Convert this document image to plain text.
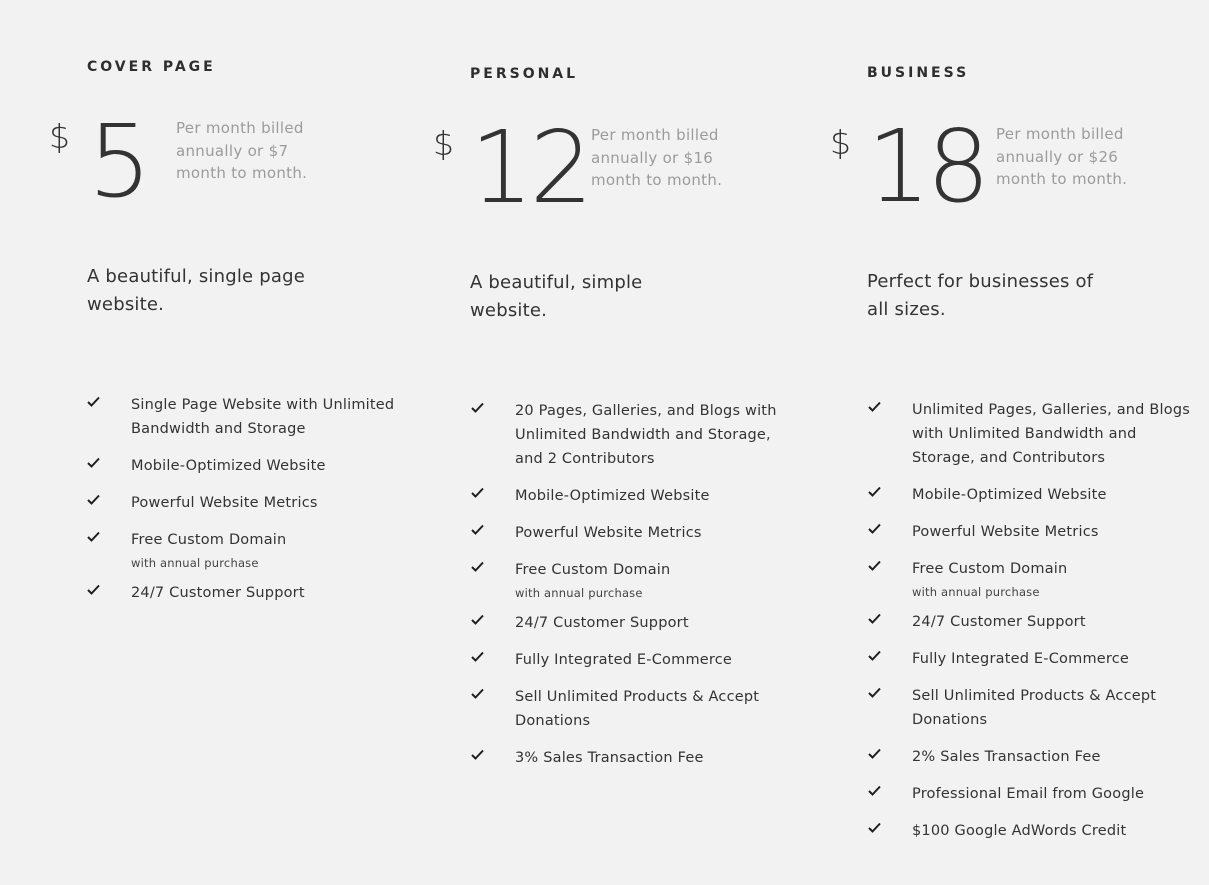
COVER PAGE
$ 5 Per month billed annually or $7 month to month.
A beautiful, single page website.
Single Page Website with Unlimited Bandwidth and Storage
Mobile-Optimized Website
Powerful Website Metrics
Free Custom Domain
with annual purchase
24/7 Customer Support
PERSONAL
$ 12 Per month billed annually or $16 month to month.
A beautiful, simple website.
20 Pages, Galleries, and Blogs with Unlimited Bandwidth and Storage, and 2 Contributors
Mobile-Optimized Website
Powerful Website Metrics
Free Custom Domain
with annual purchase
24/7 Customer Support
Fully Integrated E-Commerce
Sell Unlimited Products & Accept Donations
3% Sales Transaction Fee
BUSINESS
$ 18 Per month billed annually or $26 month to month.
Perfect for businesses of all sizes.
Unlimited Pages, Galleries, and Blogs with Unlimited Bandwidth and Storage, and Contributors
Mobile-Optimized Website
Powerful Website Metrics
Free Custom Domain
with annual purchase
24/7 Customer Support
Fully Integrated E-Commerce
Sell Unlimited Products & Accept Donations
2% Sales Transaction Fee
Professional Email from Google
$100 Google AdWords Credit
